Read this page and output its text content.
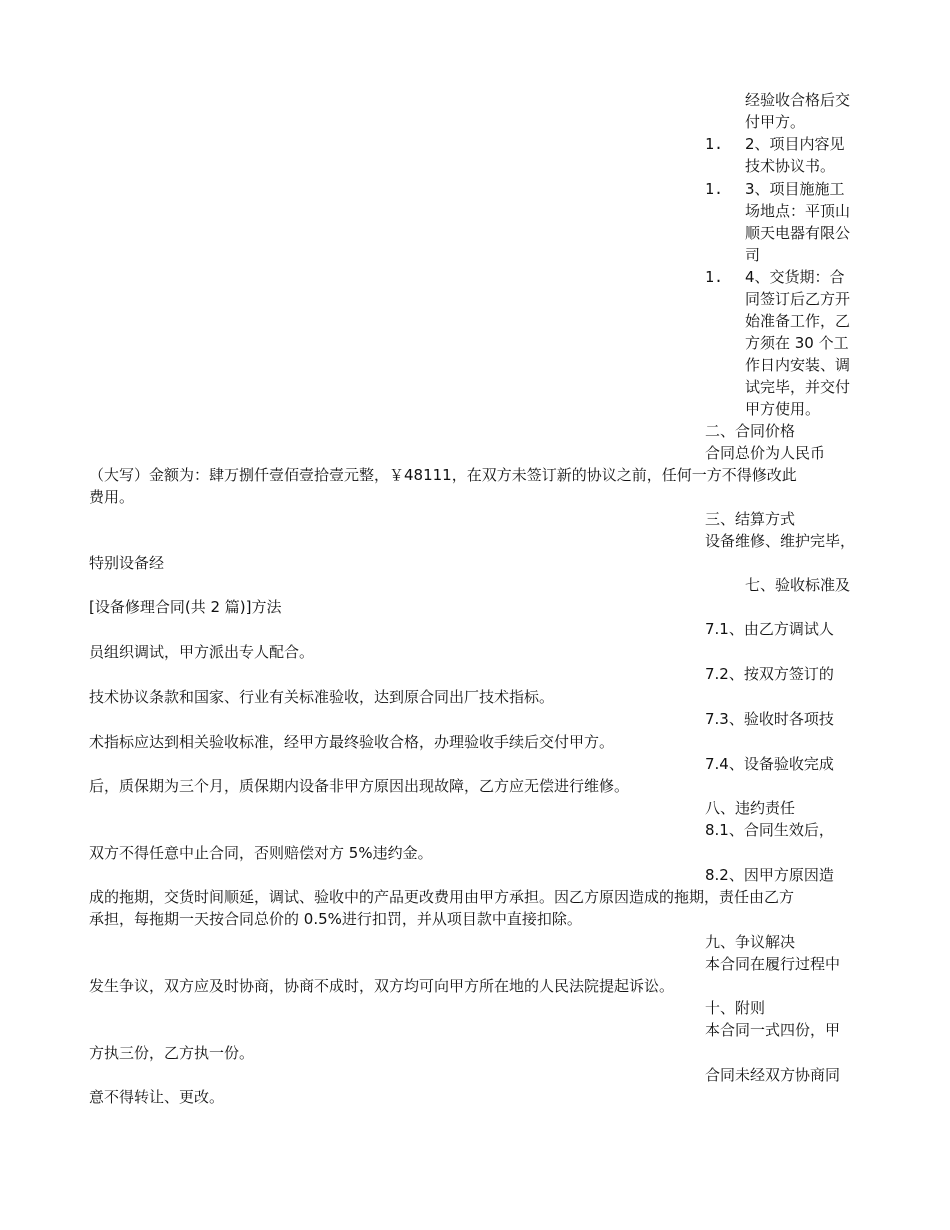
经验收合格后交
付甲方。
1. 2、项目内容见
技术协议书。
1. 3、项目施施工
场地点：平顶山
顺天电器有限公
司
1. 4、交货期：合
同签订后乙方开
始准备工作，乙
方须在 30 个工
作日内安装、调
试完毕，并交付
甲方使用。
二、合同价格
合同总价为人民币
（大写）金额为：肆万捌仟壹佰壹拾壹元整，￥48111，在双方未签订新的协议之前，任何一方不得修改此
费用。
三、结算方式
设备维修、维护完毕，
特别设备经
七、验收标准及
[设备修理合同(共 2 篇)]方法
7.1、由乙方调试人
员组织调试，甲方派出专人配合。
7.2、按双方签订的
技术协议条款和国家、行业有关标准验收，达到原合同出厂技术指标。
7.3、验收时各项技
术指标应达到相关验收标准，经甲方最终验收合格，办理验收手续后交付甲方。
7.4、设备验收完成
后，质保期为三个月，质保期内设备非甲方原因出现故障，乙方应无偿进行维修。
八、违约责任
8.1、合同生效后，
双方不得任意中止合同，否则赔偿对方 5%违约金。
8.2、因甲方原因造
成的拖期，交货时间顺延，调试、验收中的产品更改费用由甲方承担。因乙方原因造成的拖期，责任由乙方
承担，每拖期一天按合同总价的 0.5%进行扣罚，并从项目款中直接扣除。
九、争议解决
本合同在履行过程中
发生争议，双方应及时协商，协商不成时，双方均可向甲方所在地的人民法院提起诉讼。
十、附则
本合同一式四份，甲
方执三份，乙方执一份。
合同未经双方协商同
意不得转让、更改。
